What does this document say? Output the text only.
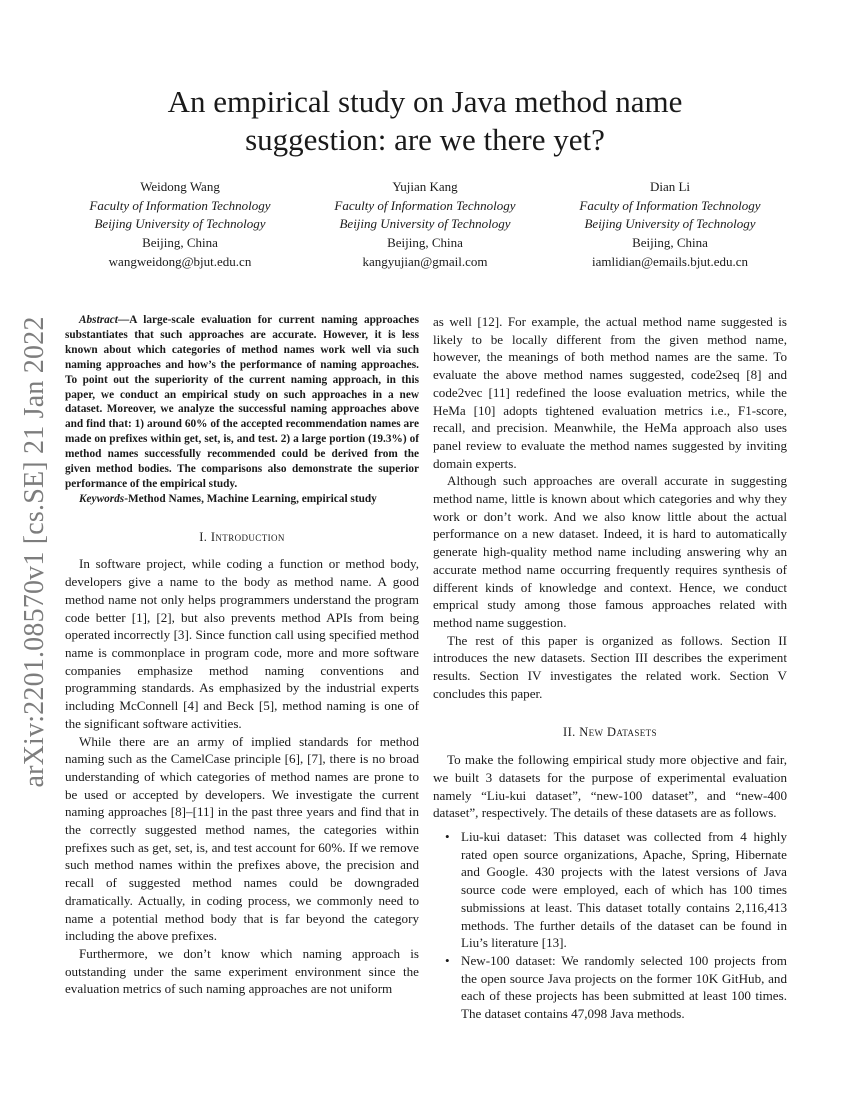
An empirical study on Java method name
suggestion: are we there yet?
Weidong Wang
Faculty of Information Technology
Beijing University of Technology
Beijing, China
wangweidong@bjut.edu.cn
Yujian Kang
Faculty of Information Technology
Beijing University of Technology
Beijing, China
kangyujian@gmail.com
Dian Li
Faculty of Information Technology
Beijing University of Technology
Beijing, China
iamlidian@emails.bjut.edu.cn
arXiv:2201.08570v1 [cs.SE] 21 Jan 2022	Abstract—A large-scale evaluation for current naming approaches substantiates that such approaches are accurate. However, it is less known about which categories of method names work well via such naming approaches and how’s the performance of naming approaches. To point out the superiority of the current naming approach, in this paper, we conduct an empirical study on such approaches in a new dataset. Moreover, we analyze the successful naming approaches above and find that: 1) around 60% of the accepted recommendation names are made on prefixes within get, set, is, and test. 2) a large portion (19.3%) of method names successfully recommended could be derived from the given method bodies. The comparisons also demonstrate the superior performance of the empirical study.

Keywords-Method Names, Machine Learning, empirical study

I. Introduction

In software project, while coding a function or method body, developers give a name to the body as method name. A good method name not only helps programmers understand the program code better [1], [2], but also prevents method APIs from being operated incorrectly [3]. Since function call using specified method name is commonplace in program code, more and more software companies emphasize method naming conventions and programming standards. As emphasized by the industrial experts including McConnell [4] and Beck [5], method naming is one of the significant software activities.

While there are an army of implied standards for method naming such as the CamelCase principle [6], [7], there is no broad understanding of which categories of method names are prone to be used or accepted by developers. We investigate the current naming approaches [8]–[11] in the past three years and find that in the correctly suggested method names, the categories within prefixes such as get, set, is, and test account for 60%. If we remove such method names within the prefixes above, the precision and recall of suggested method names could be downgraded dramatically. Actually, in coding process, we commonly need to name a potential method body that is far beyond the category including the above prefixes.

Furthermore, we don’t know which naming approach is outstanding under the same experiment environment since the evaluation metrics of such naming approaches are not uniform

as well [12]. For example, the actual method name suggested is likely to be locally different from the given method name, however, the meanings of both method names are the same. To evaluate the above method names suggested, code2seq [8] and code2vec [11] redefined the loose evaluation metrics, while the HeMa [10] adopts tightened evaluation metrics i.e., F1-score, recall, and precision. Meanwhile, the HeMa approach also uses panel review to evaluate the method names suggested by inviting domain experts.

Although such approaches are overall accurate in suggesting method name, little is known about which categories and why they work or don’t work. And we also know little about the actual performance on a new dataset. Indeed, it is hard to automatically generate high-quality method name including answering why an accurate method name occurring frequently requires synthesis of different kinds of knowledge and context. Hence, we conduct emprical study among those famous approaches related with method name suggestion.

The rest of this paper is organized as follows. Section II introduces the new datasets. Section III describes the experiment results. Section IV investigates the related work. Section V concludes this paper.

II. New Datasets

To make the following empirical study more objective and fair, we built 3 datasets for the purpose of experimental evaluation namely “Liu-kui dataset”, “new-100 dataset”, and “new-400 dataset”, respectively. The details of these datasets are as follows.

• Liu-kui dataset: This dataset was collected from 4 highly rated open source organizations, Apache, Spring, Hibernate and Google. 430 projects with the latest versions of Java source code were employed, each of which has 100 times submissions at least. This dataset totally contains 2,116,413 methods. The further details of the dataset can be found in Liu’s literature [13].
• New-100 dataset: We randomly selected 100 projects from the open source Java projects on the former 10K GitHub, and each of these projects has been submitted at least 100 times. The dataset contains 47,098 Java methods.
